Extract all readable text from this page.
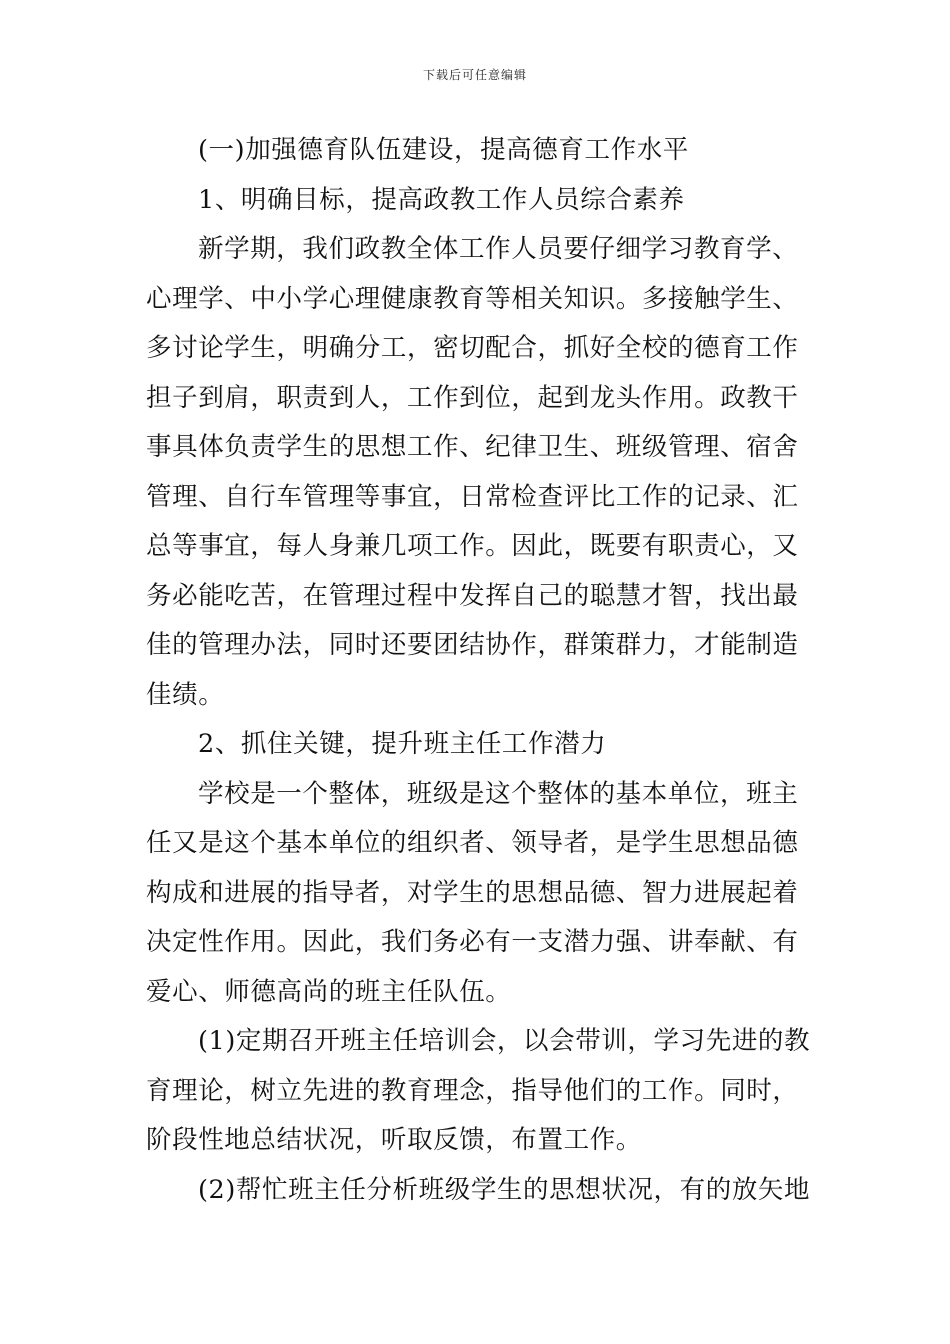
下载后可任意编辑
(一)加强德育队伍建设，提高德育工作水平
1、明确目标，提高政教工作人员综合素养
新学期，我们政教全体工作人员要仔细学习教育学、
心理学、中小学心理健康教育等相关知识。多接触学生、
多讨论学生，明确分工，密切配合，抓好全校的德育工作
担子到肩，职责到人，工作到位，起到龙头作用。政教干
事具体负责学生的思想工作、纪律卫生、班级管理、宿舍
管理、自行车管理等事宜，日常检查评比工作的记录、汇
总等事宜，每人身兼几项工作。因此，既要有职责心，又
务必能吃苦，在管理过程中发挥自己的聪慧才智，找出最
佳的管理办法，同时还要团结协作，群策群力，才能制造
佳绩。
2、抓住关键，提升班主任工作潜力
学校是一个整体，班级是这个整体的基本单位，班主
任又是这个基本单位的组织者、领导者，是学生思想品德
构成和进展的指导者，对学生的思想品德、智力进展起着
决定性作用。因此，我们务必有一支潜力强、讲奉献、有
爱心、师德高尚的班主任队伍。
(1)定期召开班主任培训会，以会带训，学习先进的教
育理论，树立先进的教育理念，指导他们的工作。同时，
阶段性地总结状况，听取反馈，布置工作。
(2)帮忙班主任分析班级学生的思想状况，有的放矢地
